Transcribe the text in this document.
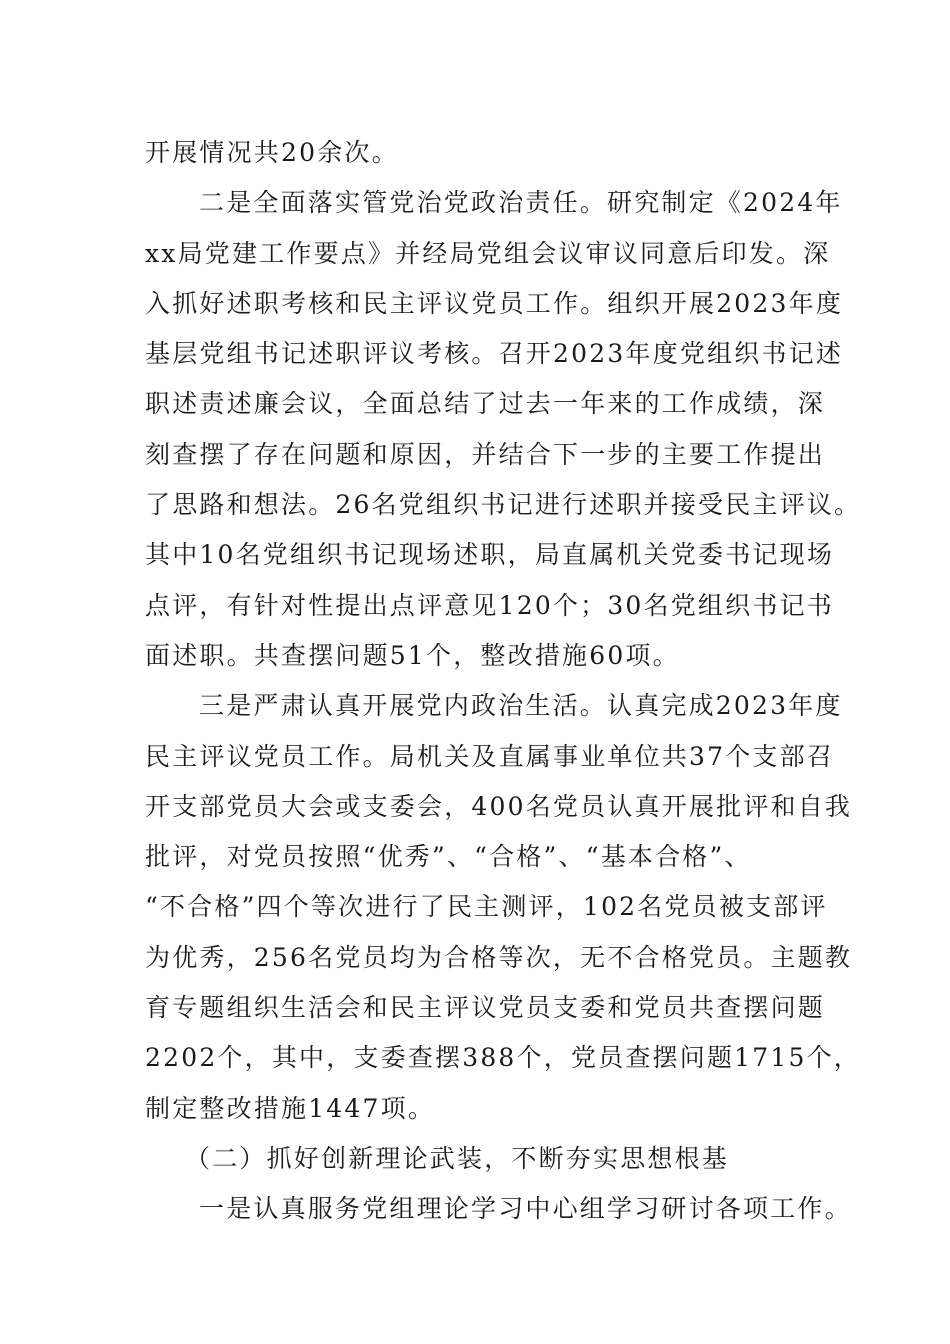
开展情况共20余次。
二是全面落实管党治党政治责任。研究制定《2024年
xx局党建工作要点》并经局党组会议审议同意后印发。深
入抓好述职考核和民主评议党员工作。组织开展2023年度
基层党组书记述职评议考核。召开2023年度党组织书记述
职述责述廉会议，全面总结了过去一年来的工作成绩，深
刻查摆了存在问题和原因，并结合下一步的主要工作提出
了思路和想法。26名党组织书记进行述职并接受民主评议。
其中10名党组织书记现场述职，局直属机关党委书记现场
点评，有针对性提出点评意见120个；30名党组织书记书
面述职。共查摆问题51个，整改措施60项。
三是严肃认真开展党内政治生活。认真完成2023年度
民主评议党员工作。局机关及直属事业单位共37个支部召
开支部党员大会或支委会，400名党员认真开展批评和自我
批评，对党员按照“优秀”、“合格”、“基本合格”、
“不合格”四个等次进行了民主测评，102名党员被支部评
为优秀，256名党员均为合格等次，无不合格党员。主题教
育专题组织生活会和民主评议党员支委和党员共查摆问题
2202个，其中，支委查摆388个，党员查摆问题1715个，
制定整改措施1447项。
（二）抓好创新理论武装，不断夯实思想根基
一是认真服务党组理论学习中心组学习研讨各项工作。
